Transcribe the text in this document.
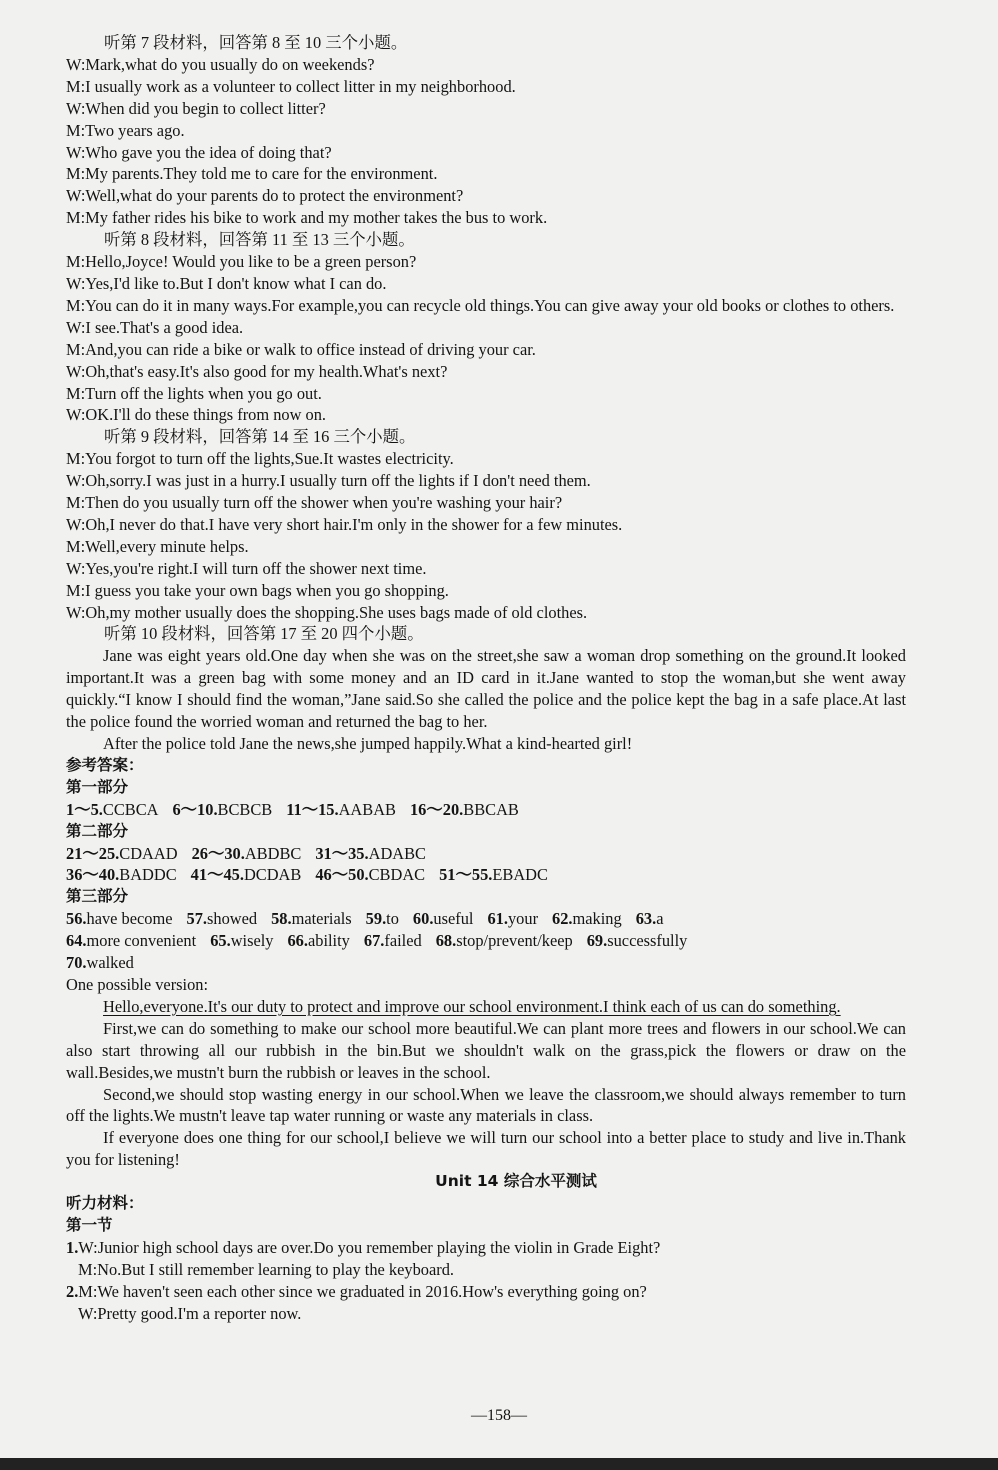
听第 7 段材料，回答第 8 至 10 三个小题。
W:Mark,what do you usually do on weekends?
M:I usually work as a volunteer to collect litter in my neighborhood.
W:When did you begin to collect litter?
M:Two years ago.
W:Who gave you the idea of doing that?
M:My parents.They told me to care for the environment.
W:Well,what do your parents do to protect the environment?
M:My father rides his bike to work and my mother takes the bus to work.
听第 8 段材料，回答第 11 至 13 三个小题。
M:Hello,Joyce! Would you like to be a green person?
W:Yes,I'd like to.But I don't know what I can do.
M:You can do it in many ways.For example,you can recycle old things.You can give away your old books or clothes to others.
W:I see.That's a good idea.
M:And,you can ride a bike or walk to office instead of driving your car.
W:Oh,that's easy.It's also good for my health.What's next?
M:Turn off the lights when you go out.
W:OK.I'll do these things from now on.
听第 9 段材料，回答第 14 至 16 三个小题。
M:You forgot to turn off the lights,Sue.It wastes electricity.
W:Oh,sorry.I was just in a hurry.I usually turn off the lights if I don't need them.
M:Then do you usually turn off the shower when you're washing your hair?
W:Oh,I never do that.I have very short hair.I'm only in the shower for a few minutes.
M:Well,every minute helps.
W:Yes,you're right.I will turn off the shower next time.
M:I guess you take your own bags when you go shopping.
W:Oh,my mother usually does the shopping.She uses bags made of old clothes.
听第 10 段材料，回答第 17 至 20 四个小题。
Jane was eight years old.One day when she was on the street,she saw a woman drop something on the ground.It looked important.It was a green bag with some money and an ID card in it.Jane wanted to stop the woman,but she went away quickly.“I know I should find the woman,”Jane said.So she called the police and the police kept the bag in a safe place.At last the police found the worried woman and returned the bag to her.
After the police told Jane the news,she jumped happily.What a kind-hearted girl!
参考答案：
第一部分
1～5.CCBCA 6～10.BCBCB 11～15.AABAB 16～20.BBCAB
第二部分
21～25.CDAAD 26～30.ABDBC 31～35.ADABC
36～40.BADDC 41～45.DCDAB 46～50.CBDAC 51～55.EBADC
第三部分
56.have become 57.showed 58.materials 59.to 60.useful 61.your 62.making 63.a
64.more convenient 65.wisely 66.ability 67.failed 68.stop/prevent/keep 69.successfully
70.walked
One possible version:
Hello,everyone.It's our duty to protect and improve our school environment.I think each of us can do something.
First,we can do something to make our school more beautiful.We can plant more trees and flowers in our school.We can also start throwing all our rubbish in the bin.But we shouldn't walk on the grass,pick the flowers or draw on the wall.Besides,we mustn't burn the rubbish or leaves in the school.
Second,we should stop wasting energy in our school.When we leave the classroom,we should always remember to turn off the lights.We mustn't leave tap water running or waste any materials in class.
If everyone does one thing for our school,I believe we will turn our school into a better place to study and live in.Thank you for listening!
Unit 14 综合水平测试
听力材料：
第一节
1.W:Junior high school days are over.Do you remember playing the violin in Grade Eight?
M:No.But I still remember learning to play the keyboard.
2.M:We haven't seen each other since we graduated in 2016.How's everything going on?
W:Pretty good.I'm a reporter now.
—158—
